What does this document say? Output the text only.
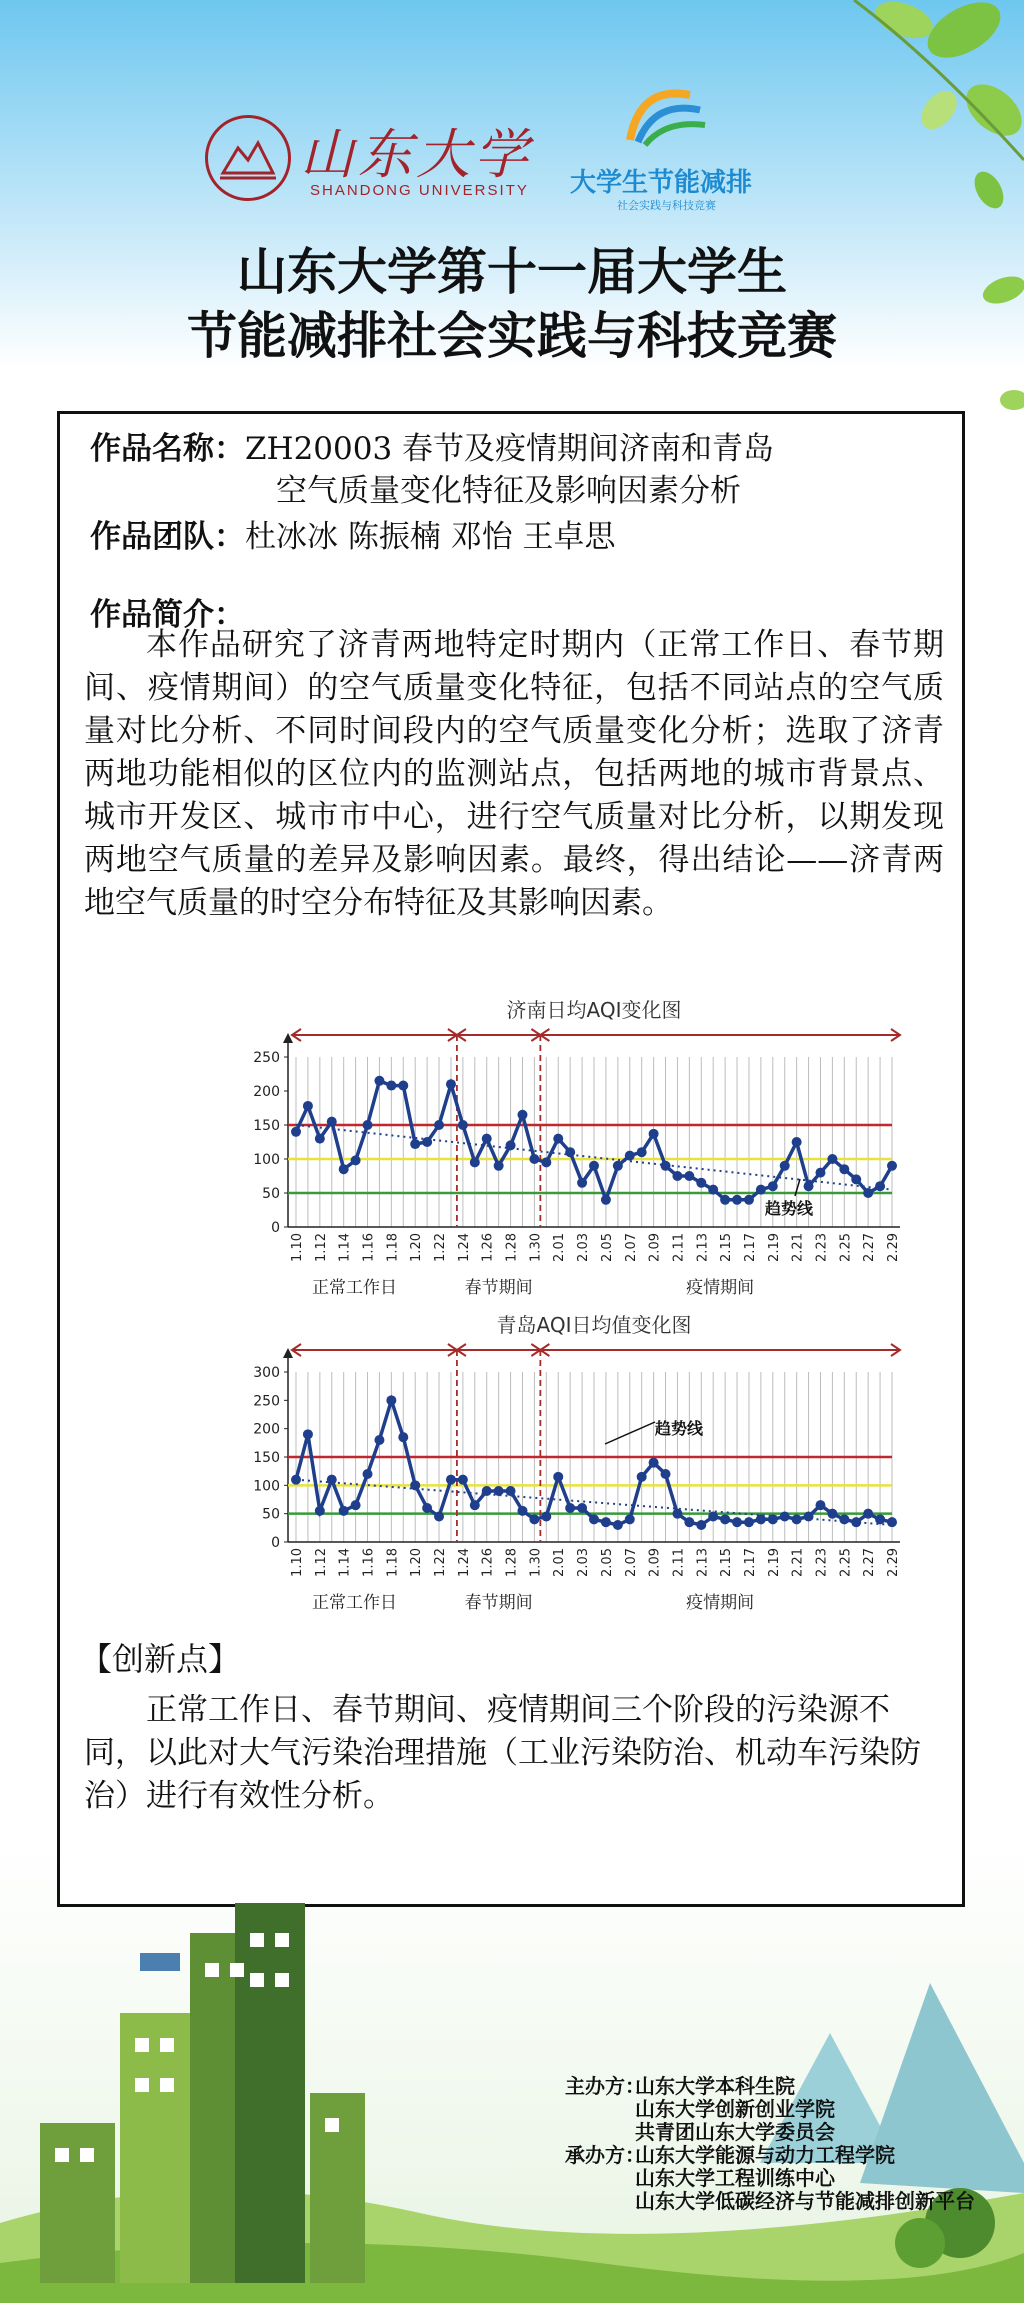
山东大学
SHANDONG UNIVERSITY 大学生节能减排
社会实践与科技竞赛
山东大学第十一届大学生
节能减排社会实践与科技竞赛
作品名称：ZH20003 春节及疫情期间济南和青岛
空气质量变化特征及影响因素分析
作品团队：杜冰冰 陈振楠 邓怡 王卓思
作品简介：
本作品研究了济青两地特定时期内（正常工作日、春节期间、疫情期间）的空气质量变化特征，包括不同站点的空气质量对比分析、不同时间段内的空气质量变化分析；选取了济青两地功能相似的区位内的监测站点，包括两地的城市背景点、城市开发区、城市市中心，进行空气质量对比分析，以期发现两地空气质量的差异及影响因素。最终，得出结论——济青两地空气质量的时空分布特征及其影响因素。
济南日均AQI变化图
0
50
100
150
200
250
趋势线
1.10 1.12 1.14 1.16 1.18 1.20 1.22 1.24 1.26 1.28 1.30 2.01 2.03 2.05 2.07 2.09 2.11 2.13 2.15 2.17 2.19 2.21 2.23 2.25 2.27 2.29
正常工作日	春节期间	疫情期间
青岛AQI日均值变化图
0
50
100
150
200
250
300
趋势线
1.10 1.12 1.14 1.16 1.18 1.20 1.22 1.24 1.26 1.28 1.30 2.01 2.03 2.05 2.07 2.09 2.11 2.13 2.15 2.17 2.19 2.21 2.23 2.25 2.27 2.29
正常工作日	春节期间	疫情期间
【创新点】
正常工作日、春节期间、疫情期间三个阶段的污染源不同，以此对大气污染治理措施（工业污染防治、机动车污染防治）进行有效性分析。
主办方：山东大学本科生院
山东大学创新创业学院
共青团山东大学委员会
承办方：山东大学能源与动力工程学院
山东大学工程训练中心
山东大学低碳经济与节能减排创新平台
